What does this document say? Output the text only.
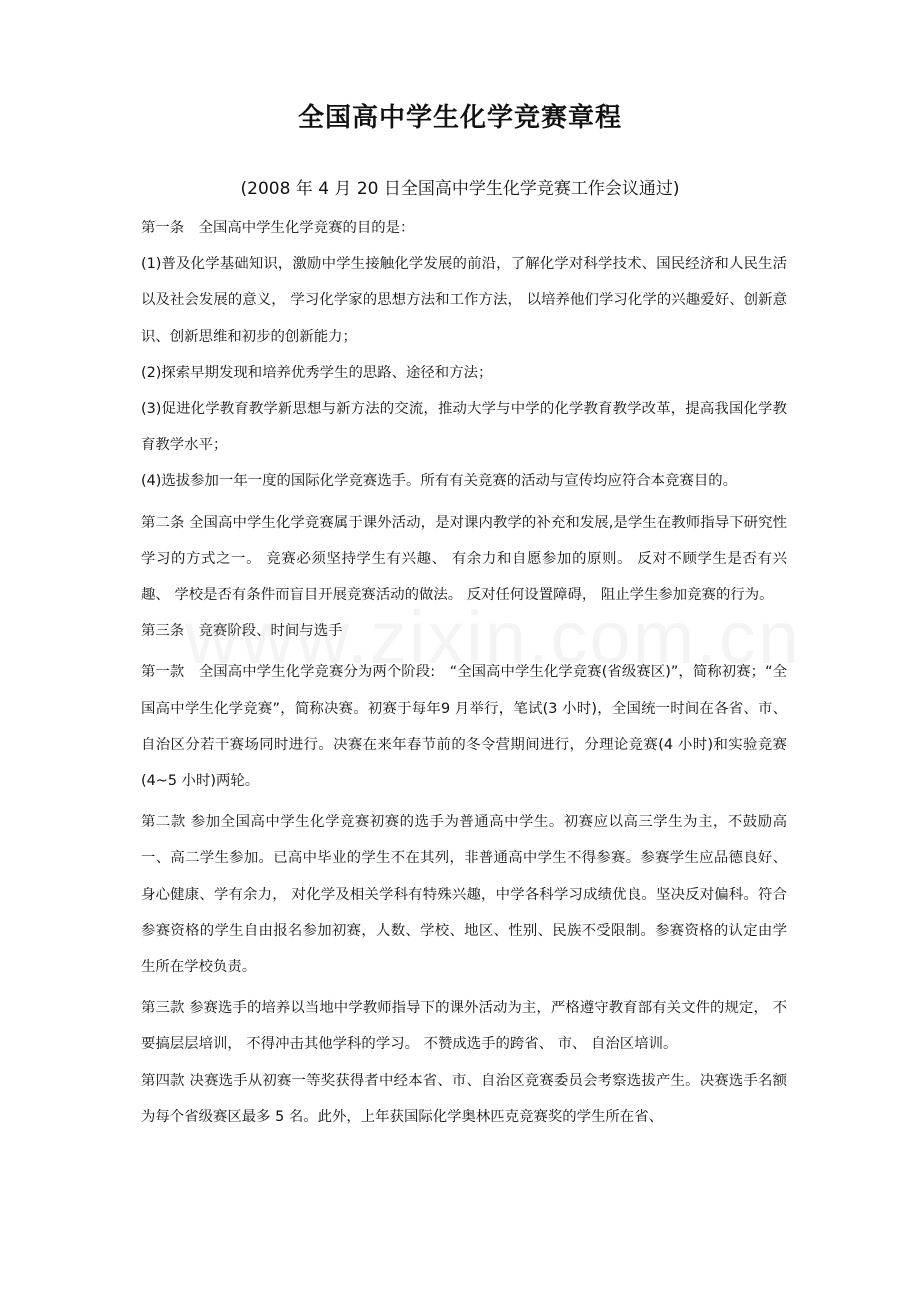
全国高中学生化学竞赛章程
(2008 年 4 月 20 日全国高中学生化学竞赛工作会议通过)

第一条　全国高中学生化学竞赛的目的是：

(1)普及化学基础知识，激励中学生接触化学发展的前沿，了解化学对科学技术、国民经济和人民生活以及社会发展的意义， 学习化学家的思想方法和工作方法， 以培养他们学习化学的兴趣爱好、创新意识、创新思维和初步的创新能力；

(2)探索早期发现和培养优秀学生的思路、途径和方法；

(3)促进化学教育教学新思想与新方法的交流，推动大学与中学的化学教育教学改革，提高我国化学教育教学水平；

(4)选拔参加一年一度的国际化学竞赛选手。所有有关竞赛的活动与宣传均应符合本竞赛目的。

第二条 全国高中学生化学竞赛属于课外活动，是对课内教学的补充和发展,是学生在教师指导下研究性学习的方式之一。 竞赛必须坚持学生有兴趣、 有余力和自愿参加的原则。 反对不顾学生是否有兴趣、 学校是否有条件而盲目开展竞赛活动的做法。 反对任何设置障碍， 阻止学生参加竞赛的行为。

第三条　竞赛阶段、时间与选手

第一款　全国高中学生化学竞赛分为两个阶段:　“全国高中学生化学竞赛(省级赛区)”，简称初赛；“全国高中学生化学竞赛”，简称决赛。初赛于每年9 月举行，笔试(3 小时)，全国统一时间在各省、市、 自治区分若干赛场同时进行。决赛在来年春节前的冬令营期间进行，分理论竞赛(4 小时)和实验竞赛(4~5 小时)两轮。

第二款 参加全国高中学生化学竞赛初赛的选手为普通高中学生。初赛应以高三学生为主，不鼓励高一、高二学生参加。已高中毕业的学生不在其列，非普通高中学生不得参赛。参赛学生应品德良好、身心健康、学有余力， 对化学及相关学科有特殊兴趣，中学各科学习成绩优良。坚决反对偏科。符合参赛资格的学生自由报名参加初赛，人数、学校、地区、性别、民族不受限制。参赛资格的认定由学生所在学校负责。

第三款 参赛选手的培养以当地中学教师指导下的课外活动为主，严格遵守教育部有关文件的规定， 不要搞层层培训， 不得冲击其他学科的学习。 不赞成选手的跨省、 市、 自治区培训。

第四款 决赛选手从初赛一等奖获得者中经本省、市、自治区竞赛委员会考察选拔产生。决赛选手名额为每个省级赛区最多 5 名。此外，上年获国际化学奥林匹克竞赛奖的学生所在省、
